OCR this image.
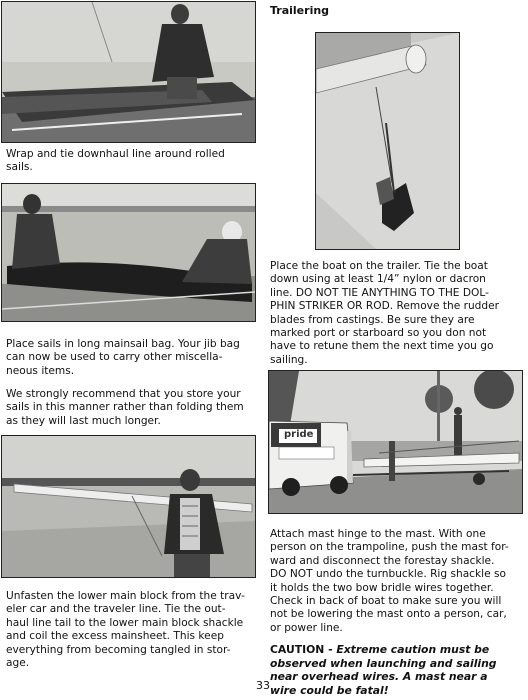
Wrap and tie downhaul line around rolled
sails.
Place sails in long mainsail bag. Your jib bag
can now be used to carry other miscella-
neous items.
We strongly recommend that you store your
sails in this manner rather than folding them
as they will last much longer.
Unfasten the lower main block from the trav-
eler car and the traveler line. Tie the out-
haul line tail to the lower main block shackle
and coil the excess mainsheet. This keep
everything from becoming tangled in stor-
age.
Trailering
Place the boat on the trailer. Tie the boat
down using at least 1/4” nylon or dacron
line. DO NOT TIE ANYTHING TO THE DOL-
PHIN STRIKER OR ROD. Remove the rudder
blades from castings. Be sure they are
marked port or starboard so you don not
have to retune them the next time you go
sailing.
pride
Attach mast hinge to the mast. With one
person on the trampoline, push the mast for-
ward and disconnect the forestay shackle.
DO NOT undo the turnbuckle. Rig shackle so
it holds the two bow bridle wires together.
Check in back of boat to make sure you will
not be lowering the mast onto a person, car,
or power line.
CAUTION - Extreme caution must be
observed when launching and sailing
near overhead wires. A mast near a
wire could be fatal!
33
